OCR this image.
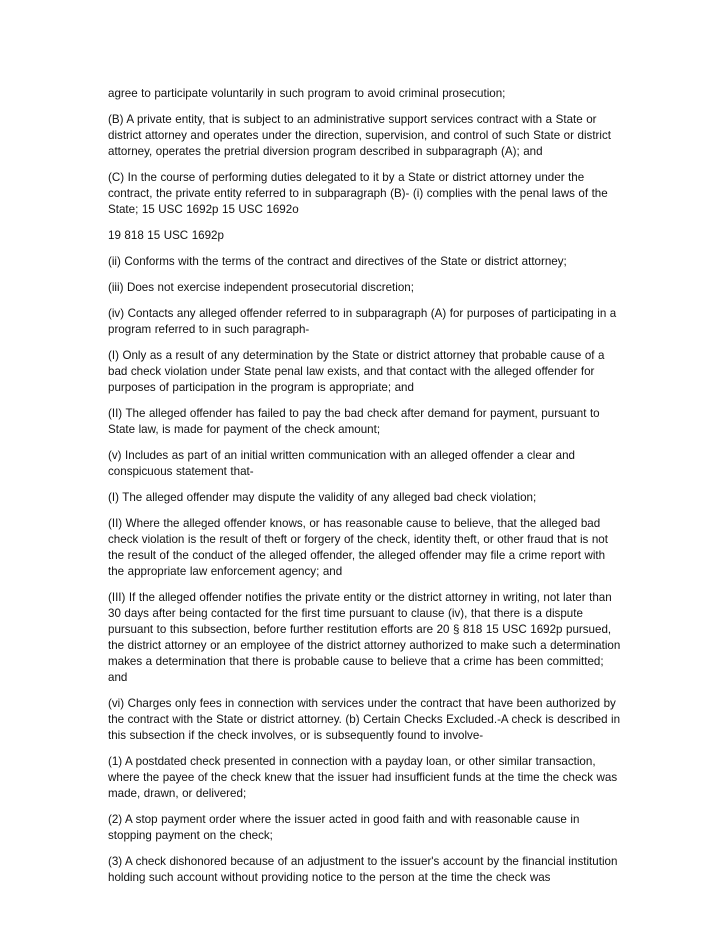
agree to participate voluntarily in such program to avoid criminal prosecution;

(B) A private entity, that is subject to an administrative support services contract with a State or district attorney and operates under the direction, supervision, and control of such State or district attorney, operates the pretrial diversion program described in subparagraph (A); and

(C) In the course of performing duties delegated to it by a State or district attorney under the contract, the private entity referred to in subparagraph (B)- (i) complies with the penal laws of the State; 15 USC 1692p 15 USC 1692o

19 818 15 USC 1692p

(ii) Conforms with the terms of the contract and directives of the State or district attorney;

(iii) Does not exercise independent prosecutorial discretion;

(iv) Contacts any alleged offender referred to in subparagraph (A) for purposes of participating in a program referred to in such paragraph-

(I) Only as a result of any determination by the State or district attorney that probable cause of a bad check violation under State penal law exists, and that contact with the alleged offender for purposes of participation in the program is appropriate; and

(II) The alleged offender has failed to pay the bad check after demand for payment, pursuant to State law, is made for payment of the check amount;

(v) Includes as part of an initial written communication with an alleged offender a clear and conspicuous statement that-

(I) The alleged offender may dispute the validity of any alleged bad check violation;

(II) Where the alleged offender knows, or has reasonable cause to believe, that the alleged bad check violation is the result of theft or forgery of the check, identity theft, or other fraud that is not the result of the conduct of the alleged offender, the alleged offender may file a crime report with the appropriate law enforcement agency; and

(III) If the alleged offender notifies the private entity or the district attorney in writing, not later than 30 days after being contacted for the first time pursuant to clause (iv), that there is a dispute pursuant to this subsection, before further restitution efforts are 20 § 818 15 USC 1692p pursued, the district attorney or an employee of the district attorney authorized to make such a determination makes a determination that there is probable cause to believe that a crime has been committed; and

(vi) Charges only fees in connection with services under the contract that have been authorized by the contract with the State or district attorney. (b) Certain Checks Excluded.-A check is described in this subsection if the check involves, or is subsequently found to involve-

(1) A postdated check presented in connection with a payday loan, or other similar transaction, where the payee of the check knew that the issuer had insufficient funds at the time the check was made, drawn, or delivered;

(2) A stop payment order where the issuer acted in good faith and with reasonable cause in stopping payment on the check;

(3) A check dishonored because of an adjustment to the issuer's account by the financial institution holding such account without providing notice to the person at the time the check was
